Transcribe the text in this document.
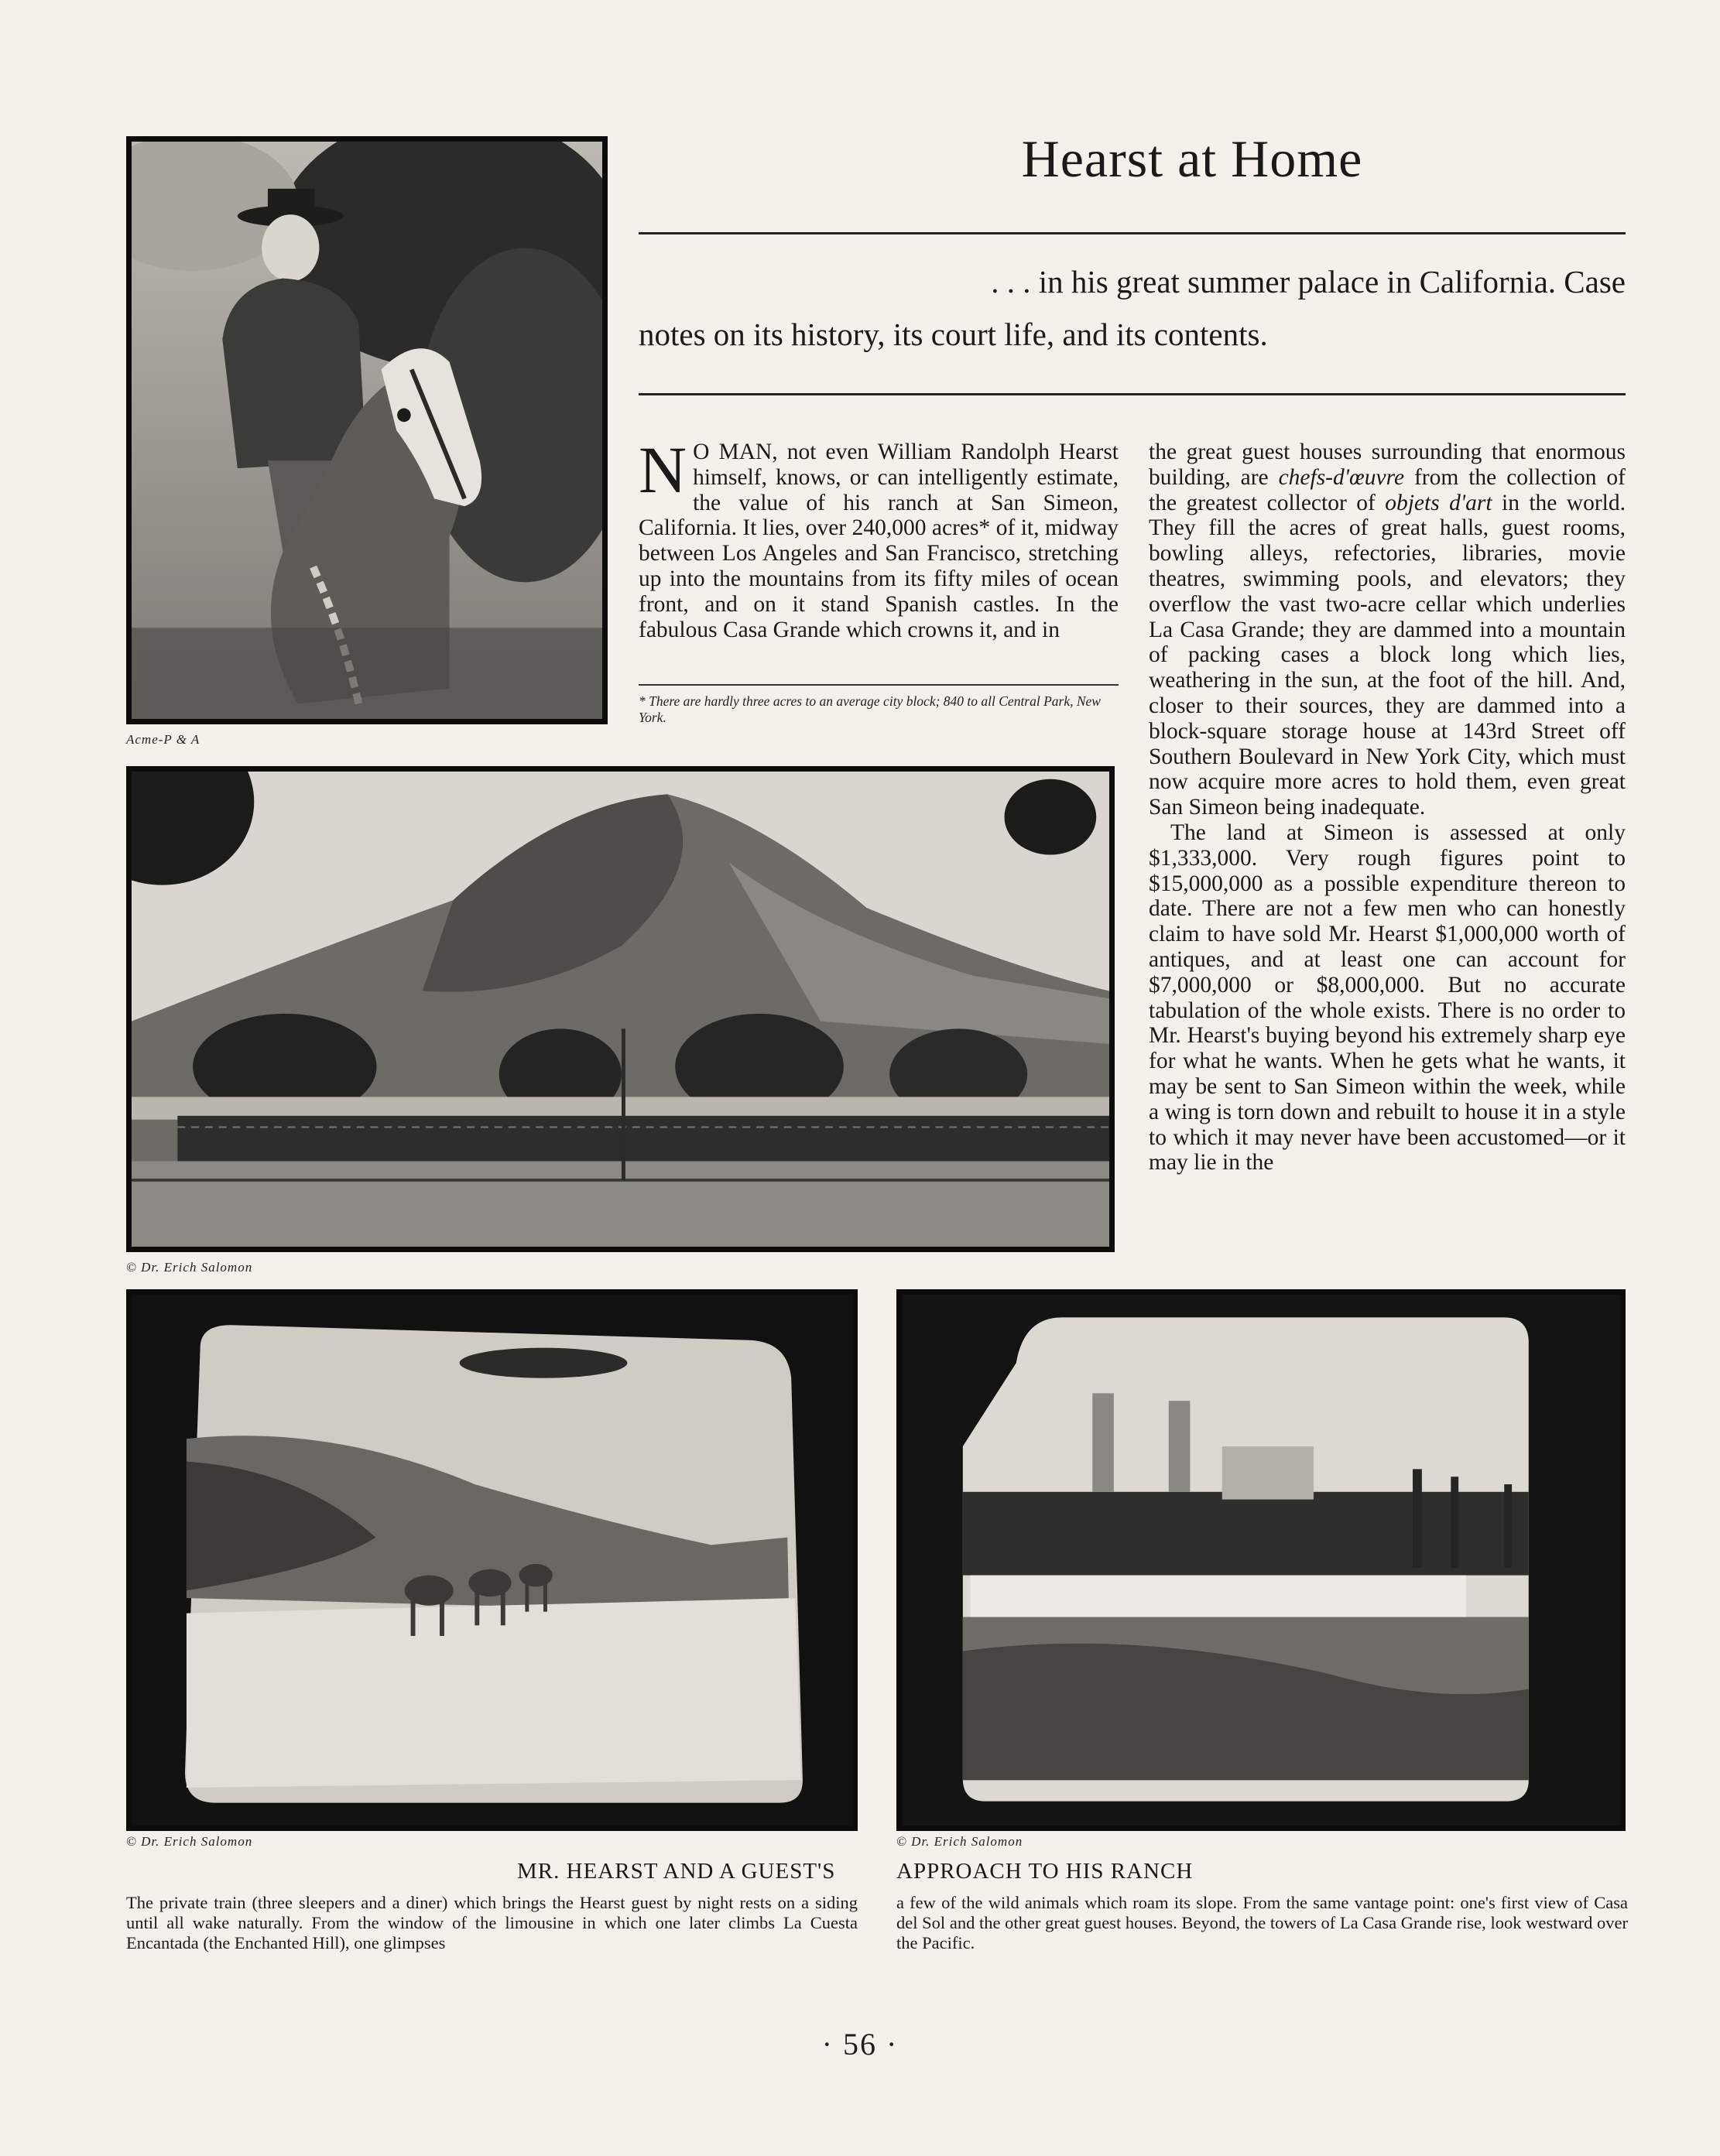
Acme-P & A
Hearst at Home
. . . in his great summer palace in California. Case
notes on its history, its court life, and its contents.

N O MAN, not even William Randolph Hearst himself, knows, or can intelligently estimate, the value of his ranch at San Simeon, California. It lies, over 240,000 acres* of it, midway between Los Angeles and San Francisco, stretching up into the mountains from its fifty miles of ocean front, and on it stand Spanish castles. In the fabulous Casa Grande which crowns it, and in

* There are hardly three acres to an average city block; 840 to all Central Park, New York.

the great guest houses surrounding that enormous building, are chefs-d'œuvre from the collection of the greatest collector of objets d'art in the world. They fill the acres of great halls, guest rooms, bowling alleys, refectories, libraries, movie theatres, swimming pools, and elevators; they overflow the vast two-acre cellar which underlies La Casa Grande; they are dammed into a mountain of packing cases a block long which lies, weathering in the sun, at the foot of the hill. And, closer to their sources, they are dammed into a block-square storage house at 143rd Street off Southern Boulevard in New York City, which must now acquire more acres to hold them, even great San Simeon being inadequate.

The land at Simeon is assessed at only $1,333,000. Very rough figures point to $15,000,000 as a possible expenditure thereon to date. There are not a few men who can honestly claim to have sold Mr. Hearst $1,000,000 worth of antiques, and at least one can account for $7,000,000 or $8,000,000. But no accurate tabulation of the whole exists. There is no order to Mr. Hearst's buying beyond his extremely sharp eye for what he wants. When he gets what he wants, it may be sent to San Simeon within the week, while a wing is torn down and rebuilt to house it in a style to which it may never have been accustomed—or it may lie in the

© Dr. Erich Salomon
© Dr. Erich Salomon	© Dr. Erich Salomon
MR. HEARST AND A GUEST'S	APPROACH TO HIS RANCH
The private train (three sleepers and a diner) which brings the Hearst guest by night rests on a siding until all wake naturally. From the window of the limousine in which one later climbs La Cuesta Encantada (the Enchanted Hill), one glimpses
a few of the wild animals which roam its slope. From the same vantage point: one's first view of Casa del Sol and the other great guest houses. Beyond, the towers of La Casa Grande rise, look westward over the Pacific.
· 56 ·
